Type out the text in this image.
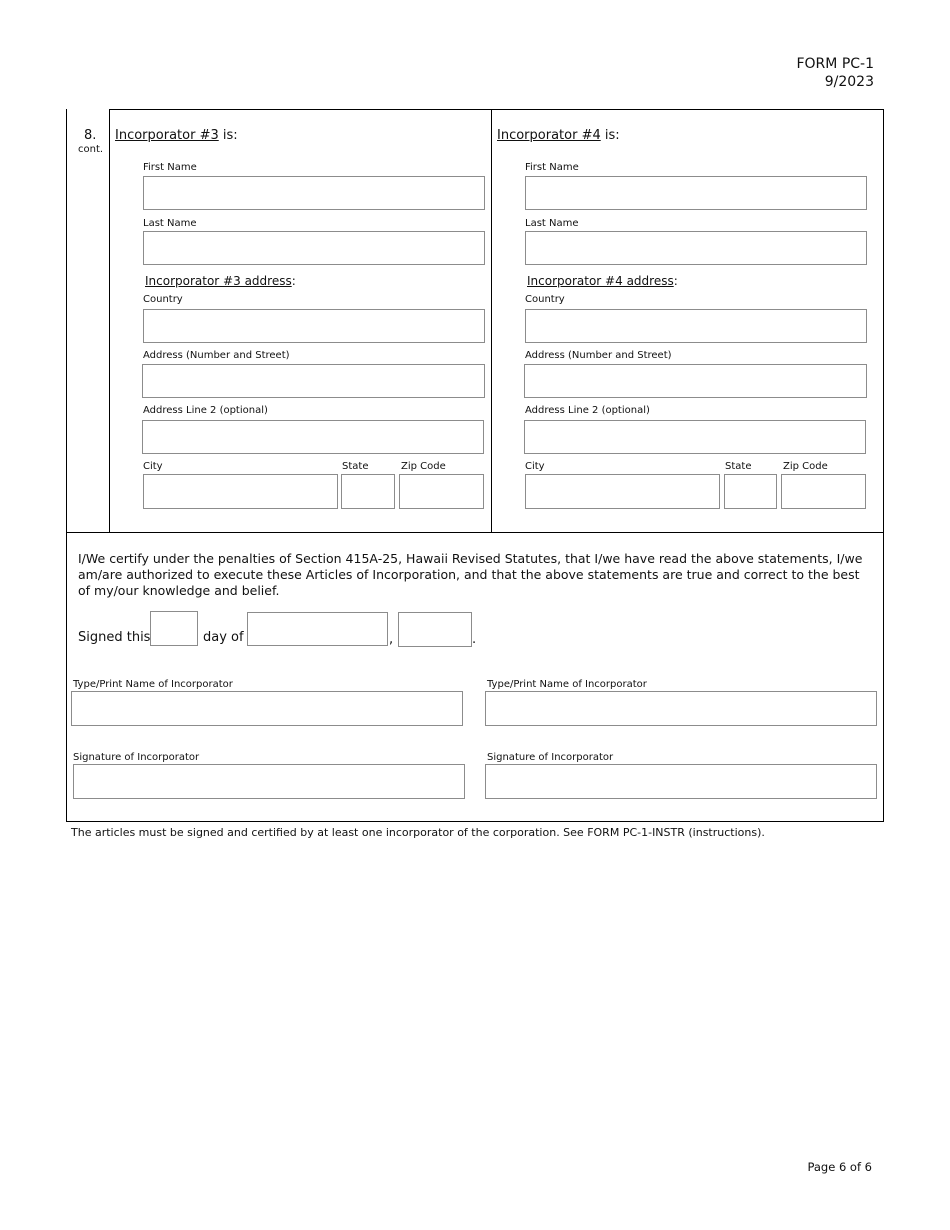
FORM PC-1
9/2023
8.
cont.
Incorporator #3 is:
First Name
Last Name
Incorporator #3 address:
Country
Address (Number and Street)
Address Line 2 (optional)
City	State	Zip Code
Incorporator #4 is:
First Name
Last Name
Incorporator #4 address:
Country
Address (Number and Street)
Address Line 2 (optional)
City	State	Zip Code
I/We certify under the penalties of Section 415A-25, Hawaii Revised Statutes, that I/we have read the above statements, I/we am/are authorized to execute these Articles of Incorporation, and that the above statements are true and correct to the best of my/our knowledge and belief.
Signed this	day of	,	.
Type/Print Name of Incorporator	Type/Print Name of Incorporator
Signature of Incorporator	Signature of Incorporator
The articles must be signed and certified by at least one incorporator of the corporation. See FORM PC-1-INSTR (instructions).
Page 6 of 6
